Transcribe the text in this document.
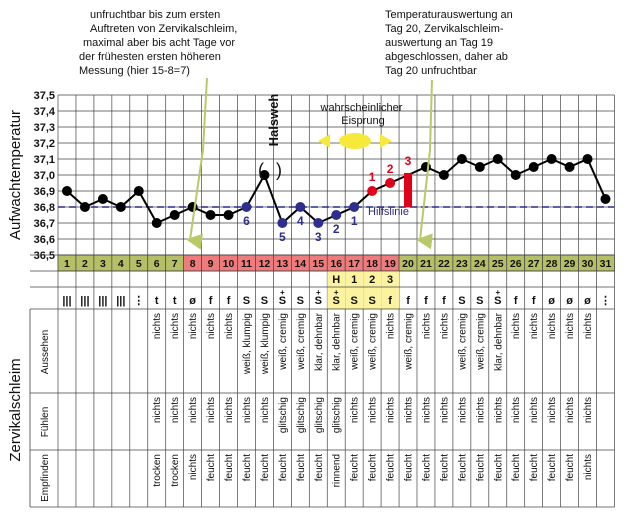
unfruchtbar bis zum ersten Auftreten von Zervikalschleim, maximal aber bis acht Tage vor der frühesten ersten höheren Messung (hier 15-8=7)
Temperaturauswertung an Tag 20, Zervikalschleim- auswertung an Tag 19 abgeschlossen, daher ab Tag 20 unfruchtbar
Aufwachtemperatur
Zervikalschleim
Aussehen
Fühlen
Empfinden
37,5
37,4
37,3
37,2
37,1
37,0
36,9
36,8
36,7
36,6
36,5
1 2 3 4 5 6 7 8 9 10 11 12 13 14 15 16 17 18 19 20 21 22 23 24 25 26 27 28 29 30 31
H 1 2 3
||| ||| ||| ||| ⋮ t t ø f f S S
+
S S
+
S
+
S S S f f f f S S
+
S f f ø ø ø ⋮
nichts nichts nichts nichts nichts weiß, klumpig weiß, klumpig weiß, cremig weiß, cremig klar, dehnbar klar, dehnbar weiß, cremig weiß, cremig nichts weiß, cremig nichts nichts weiß, cremig weiß, cremig klar, dehnbar nichts nichts nichts nichts nichts
nichts nichts nichts nichts nichts nichts nichts glitschig glitschig glitschig glitschig nichts nichts nichts nichts nichts nichts nichts nichts nichts nichts nichts nichts nichts nichts
trocken trocken nichts feucht feucht feucht feucht feucht feucht feucht rinnend feucht feucht feucht feucht feucht feucht feucht feucht feucht feucht feucht feucht feucht nichts
6
5
4
3
2
1
1
2
3
wahrscheinlicher Eisprung
Halsweh
( )
Hilfslinie
